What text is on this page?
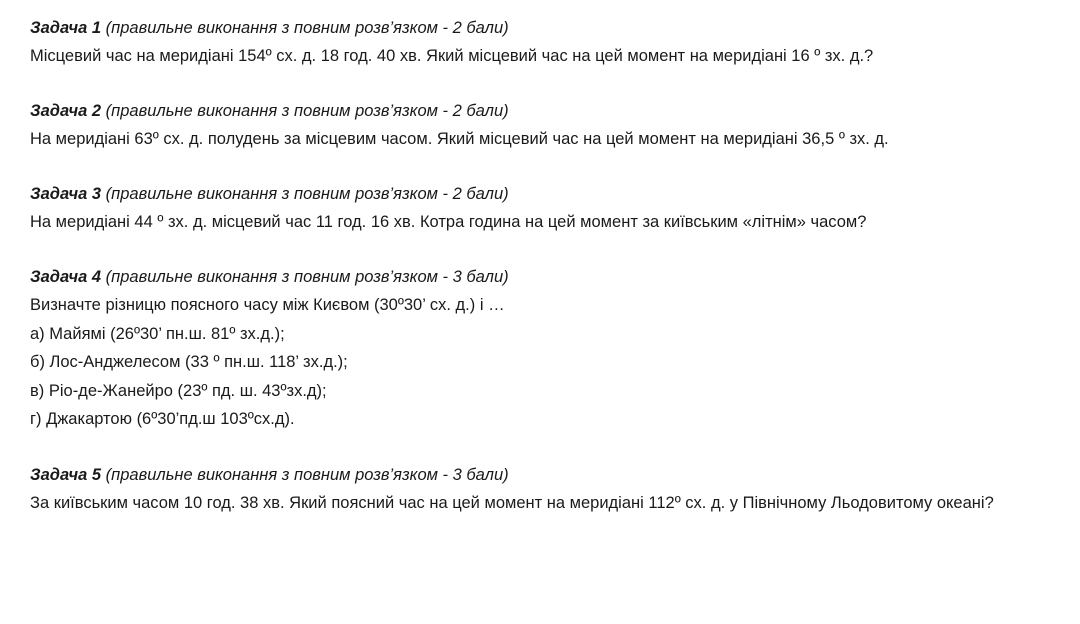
Задача 1 (правильне виконання з повним розв’язком - 2 бали)
Місцевий час на меридіані 154º сх. д. 18 год. 40 хв. Який місцевий час на цей момент на меридіані 16 º зх. д.?
Задача 2 (правильне виконання з повним розв’язком - 2 бали)
На меридіані 63º сх. д. полудень за місцевим часом. Який місцевий час на цей момент на меридіані 36,5 º зх. д.
Задача 3 (правильне виконання з повним розв’язком - 2 бали)
На меридіані 44 º зх. д. місцевий час 11 год. 16 хв. Котра година на цей момент за київським «літнім» часом?
Задача 4 (правильне виконання з повним розв’язком - 3 бали)
Визначте різницю поясного часу між Києвом (30º30’ сх. д.) і …
а) Майямі (26º30’ пн.ш. 81º зх.д.);
б) Лос-Анджелесом (33 º пн.ш. 118’ зх.д.);
в) Ріо-де-Жанейро (23º пд. ш. 43ºзх.д);
г) Джакартою (6º30’пд.ш 103ºсх.д).
Задача 5 (правильне виконання з повним розв’язком - 3 бали)
За київським часом 10 год. 38 хв. Який поясний час на цей момент на меридіані 112º сх. д. у Північному Льодовитому океані?
